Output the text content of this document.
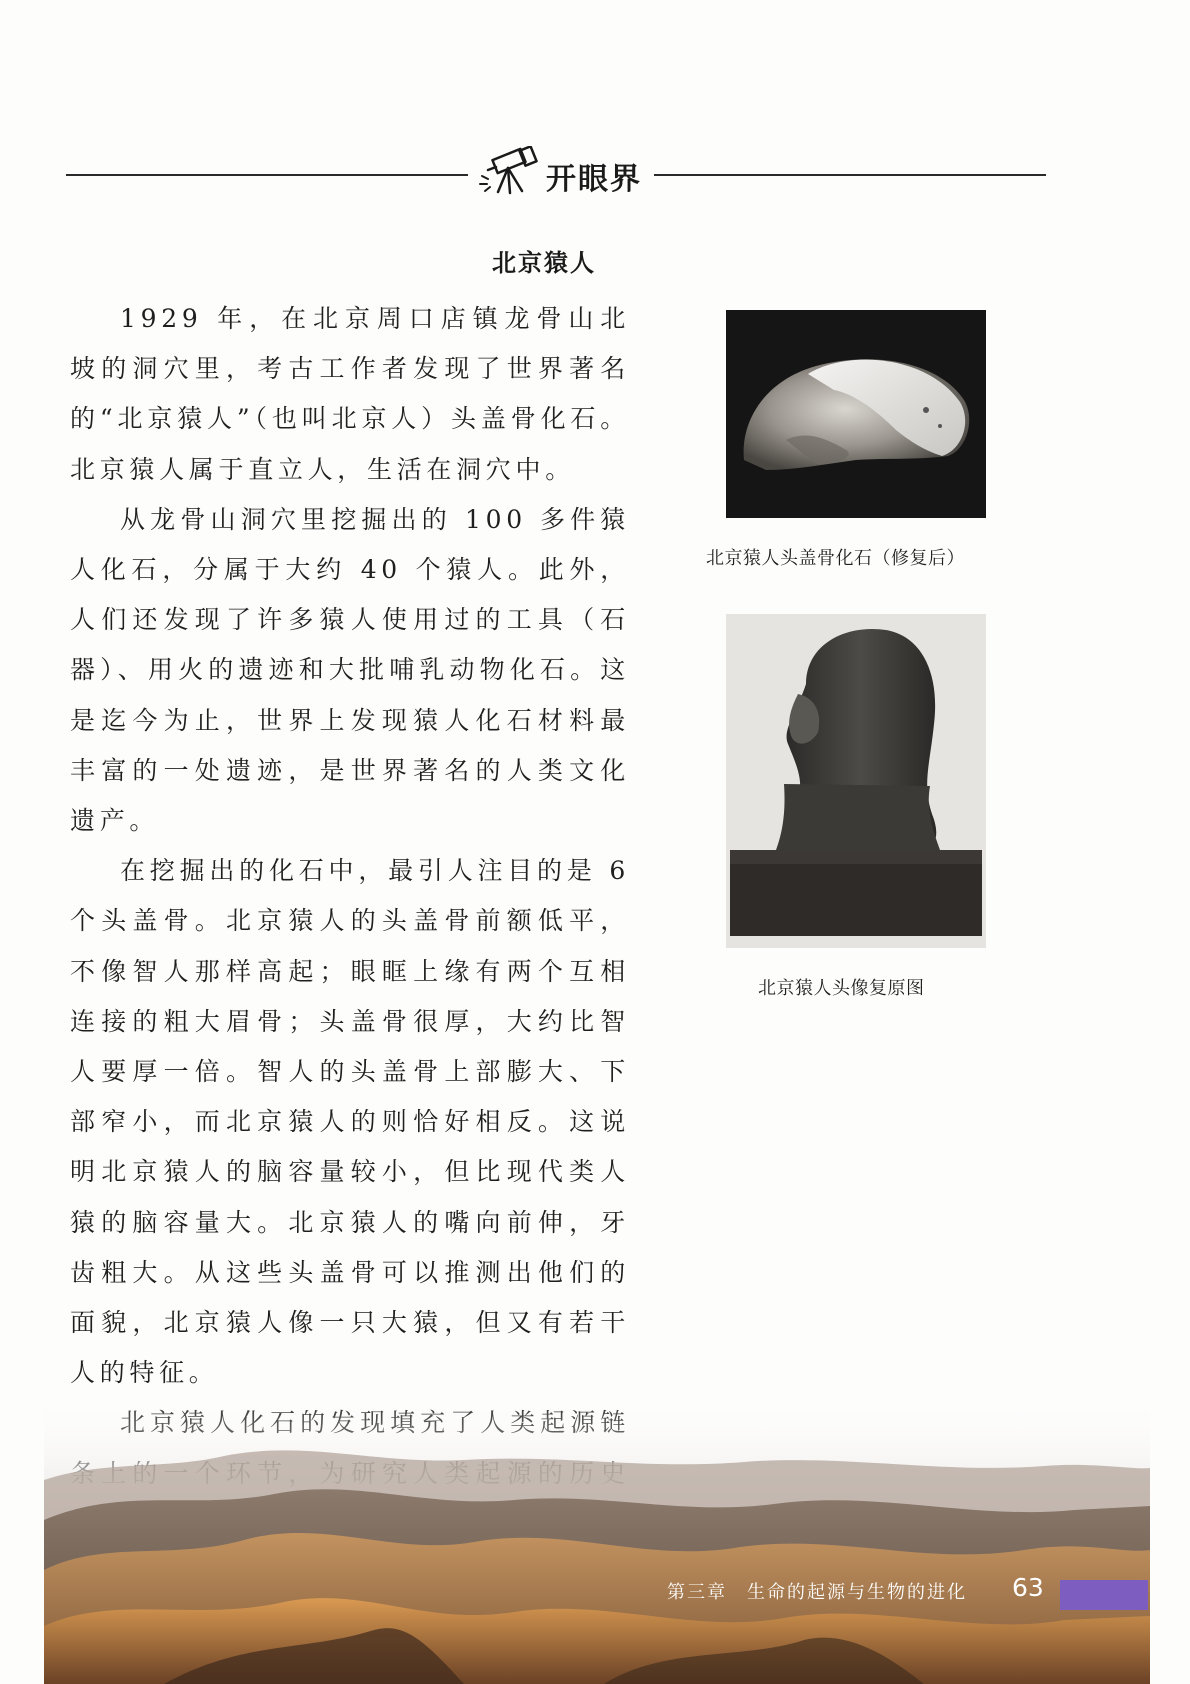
开眼界
北京猿人

1929 年，在北京周口店镇龙骨山北坡的洞穴里，考古工作者发现了世界著名的“北京猿人”（也叫北京人）头盖骨化石。北京猿人属于直立人，生活在洞穴中。

从龙骨山洞穴里挖掘出的 100 多件猿人化石，分属于大约 40 个猿人。此外，人们还发现了许多猿人使用过的工具（石器）、用火的遗迹和大批哺乳动物化石。这是迄今为止，世界上发现猿人化石材料最丰富的一处遗迹，是世界著名的人类文化遗产。

在挖掘出的化石中，最引人注目的是 6 个头盖骨。北京猿人的头盖骨前额低平，不像智人那样高起；眼眶上缘有两个互相连接的粗大眉骨；头盖骨很厚，大约比智人要厚一倍。智人的头盖骨上部膨大、下部窄小，而北京猿人的则恰好相反。这说明北京猿人的脑容量较小，但比现代类人猿的脑容量大。北京猿人的嘴向前伸，牙齿粗大。从这些头盖骨可以推测出他们的面貌，北京猿人像一只大猿，但又有若干人的特征。

北京猿人头盖骨化石（修复后）
北京猿人头像复原图
第三章　生命的起源与生物的进化 63
